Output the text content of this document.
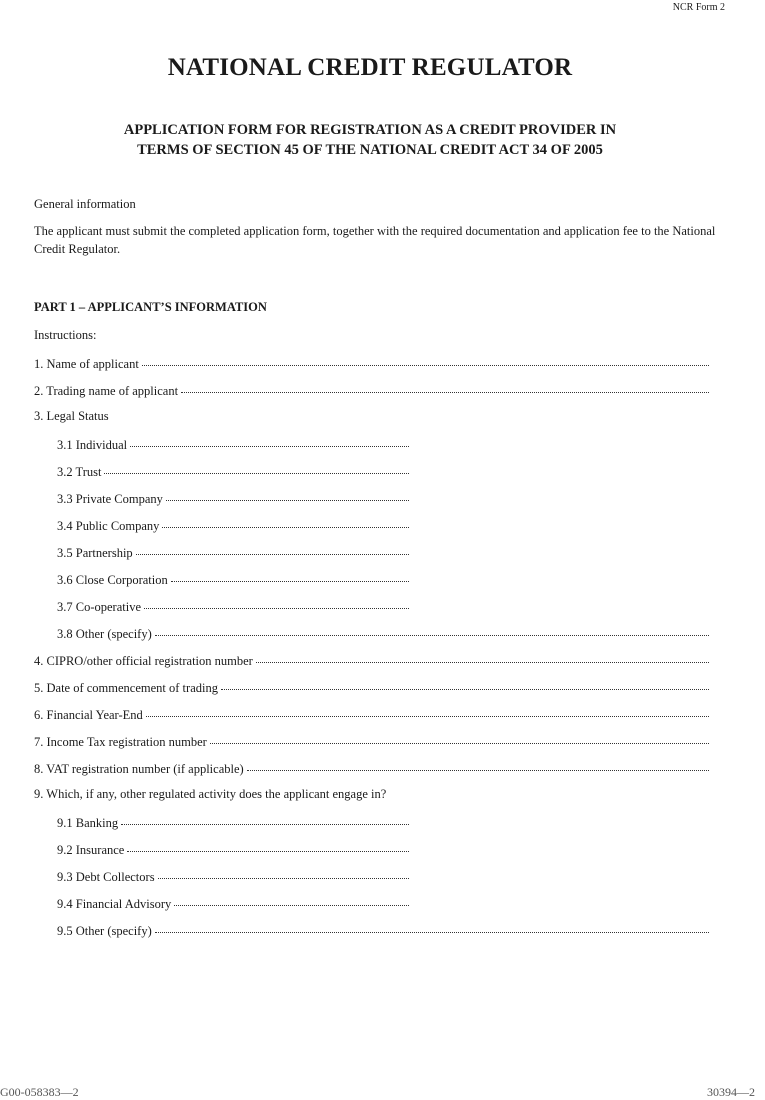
NCR Form 2
NATIONAL CREDIT REGULATOR
APPLICATION FORM FOR REGISTRATION AS A CREDIT PROVIDER IN
TERMS OF SECTION 45 OF THE NATIONAL CREDIT ACT 34 OF 2005
General information
The applicant must submit the completed application form, together with the required documentation and application fee to the National Credit Regulator.
PART 1 – APPLICANT’S INFORMATION
Instructions:
1. Name of applicant
2. Trading name of applicant
3. Legal Status
3.1 Individual
3.2 Trust
3.3 Private Company
3.4 Public Company
3.5 Partnership
3.6 Close Corporation
3.7 Co-operative
3.8 Other (specify)
4. CIPRO/other official registration number
5. Date of commencement of trading
6. Financial Year-End
7. Income Tax registration number
8. VAT registration number (if applicable)
9. Which, if any, other regulated activity does the applicant engage in?
9.1 Banking
9.2 Insurance
9.3 Debt Collectors
9.4 Financial Advisory
9.5 Other (specify)
G00-058383—2	30394—2
